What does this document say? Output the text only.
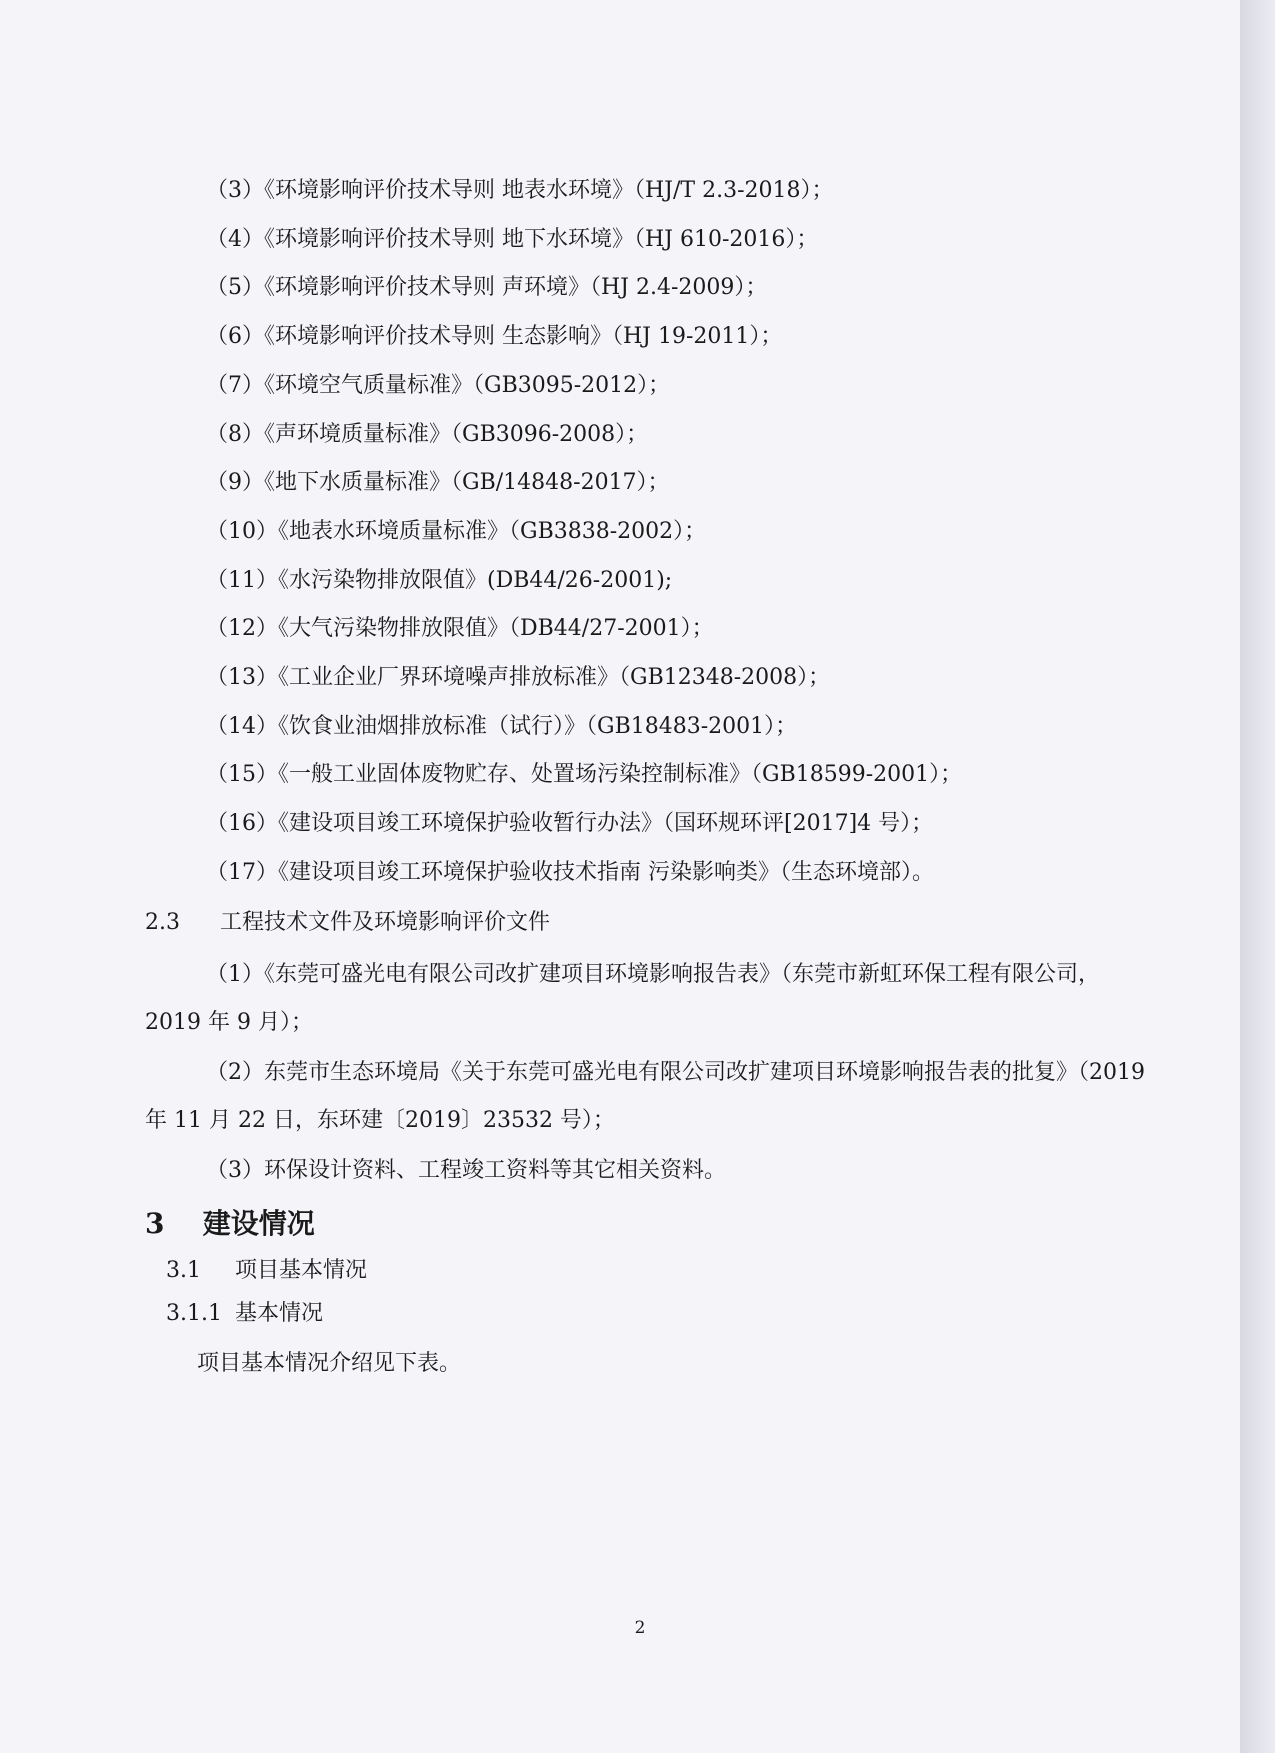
（3）《环境影响评价技术导则 地表水环境》（HJ/T 2.3-2018）；
（4）《环境影响评价技术导则 地下水环境》（HJ 610-2016）；
（5）《环境影响评价技术导则 声环境》（HJ 2.4-2009）；
（6）《环境影响评价技术导则 生态影响》（HJ 19-2011）；
（7）《环境空气质量标准》（GB3095-2012）；
（8）《声环境质量标准》（GB3096-2008）；
（9）《地下水质量标准》（GB/14848-2017）；
（10）《地表水环境质量标准》（GB3838-2002）；
（11）《水污染物排放限值》(DB44/26-2001);
（12）《大气污染物排放限值》（DB44/27-2001）；
（13）《工业企业厂界环境噪声排放标准》（GB12348-2008）；
（14）《饮食业油烟排放标准（试行）》（GB18483-2001）；
（15）《一般工业固体废物贮存、处置场污染控制标准》（GB18599-2001）；
（16）《建设项目竣工环境保护验收暂行办法》（国环规环评[2017]4 号）；
（17）《建设项目竣工环境保护验收技术指南 污染影响类》（生态环境部）。
2.3 工程技术文件及环境影响评价文件
（1）《东莞可盛光电有限公司改扩建项目环境影响报告表》（东莞市新虹环保工程有限公司，2019 年 9 月）；
（2）东莞市生态环境局《关于东莞可盛光电有限公司改扩建项目环境影响报告表的批复》（2019 年 11 月 22 日，东环建〔2019〕23532 号）；
（3）环保设计资料、工程竣工资料等其它相关资料。
3 建设情况
3.1 项目基本情况
3.1.1 基本情况
项目基本情况介绍见下表。
2
